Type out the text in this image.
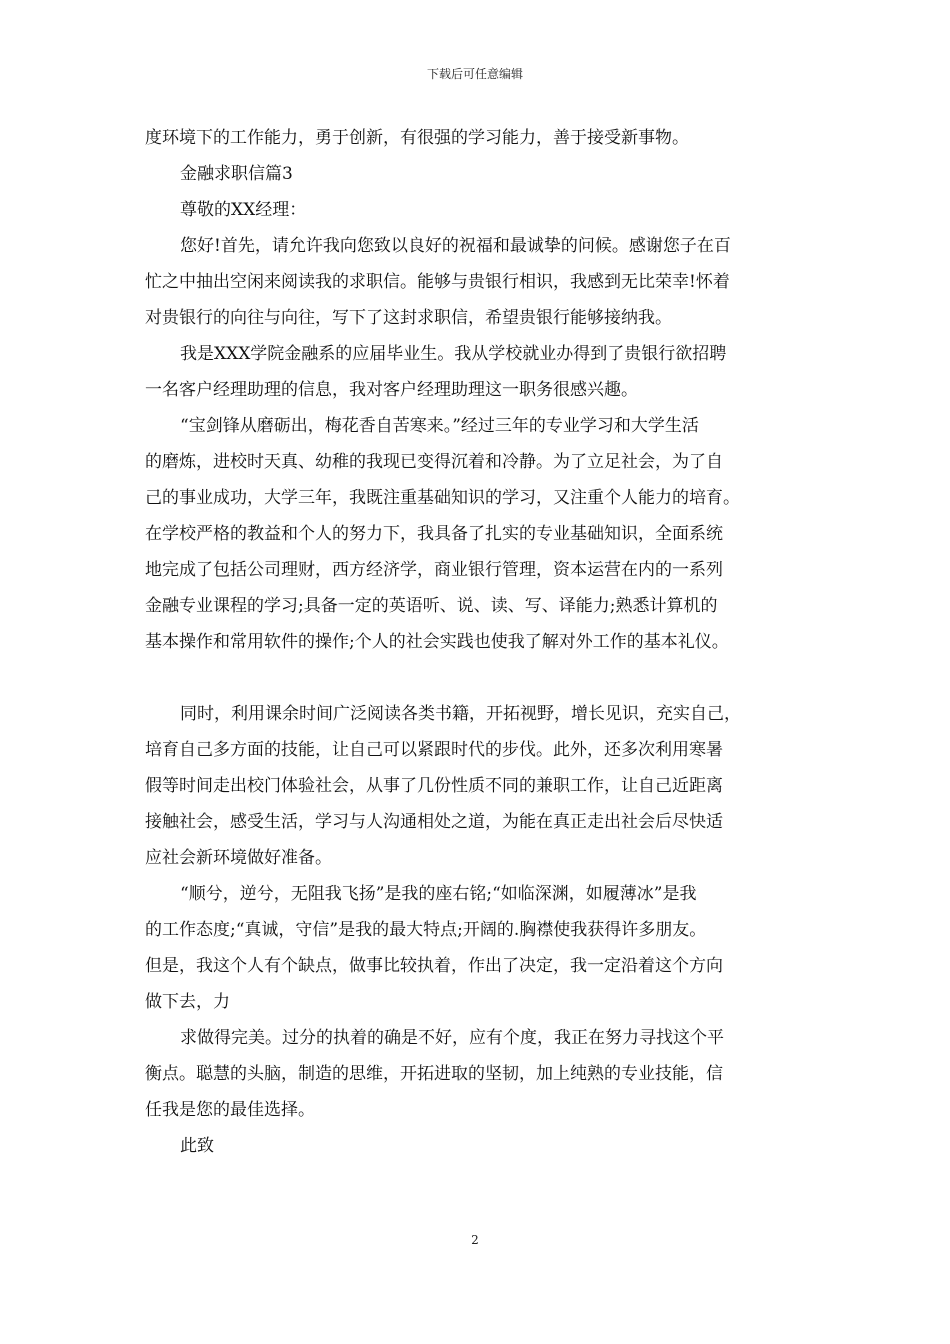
下载后可任意编辑
度环境下的工作能力，勇于创新，有很强的学习能力，善于接受新事物。
金融求职信篇3
尊敬的XX经理：
您好!首先，请允许我向您致以良好的祝福和最诚挚的问候。感谢您子在百
忙之中抽出空闲来阅读我的求职信。能够与贵银行相识，我感到无比荣幸!怀着
对贵银行的向往与向往，写下了这封求职信，希望贵银行能够接纳我。
我是XXX学院金融系的应届毕业生。我从学校就业办得到了贵银行欲招聘
一名客户经理助理的信息，我对客户经理助理这一职务很感兴趣。
“宝剑锋从磨砺出，梅花香自苦寒来。”经过三年的专业学习和大学生活
的磨炼，进校时天真、幼稚的我现已变得沉着和冷静。为了立足社会，为了自
己的事业成功，大学三年，我既注重基础知识的学习，又注重个人能力的培育。
在学校严格的教益和个人的努力下，我具备了扎实的专业基础知识，全面系统
地完成了包括公司理财，西方经济学，商业银行管理，资本运营在内的一系列
金融专业课程的学习;具备一定的英语听、说、读、写、译能力;熟悉计算机的
基本操作和常用软件的操作;个人的社会实践也使我了解对外工作的基本礼仪。
同时，利用课余时间广泛阅读各类书籍，开拓视野，增长见识，充实自己，
培育自己多方面的技能，让自己可以紧跟时代的步伐。此外，还多次利用寒暑
假等时间走出校门体验社会，从事了几份性质不同的兼职工作，让自己近距离
接触社会，感受生活，学习与人沟通相处之道，为能在真正走出社会后尽快适
应社会新环境做好准备。
“顺兮，逆兮，无阻我飞扬”是我的座右铭;“如临深渊，如履薄冰”是我
的工作态度;“真诚，守信”是我的最大特点;开阔的.胸襟使我获得许多朋友。
但是，我这个人有个缺点，做事比较执着，作出了决定，我一定沿着这个方向
做下去，力
求做得完美。过分的执着的确是不好，应有个度，我正在努力寻找这个平
衡点。聪慧的头脑，制造的思维，开拓进取的坚韧，加上纯熟的专业技能，信
任我是您的最佳选择。
此致
2
